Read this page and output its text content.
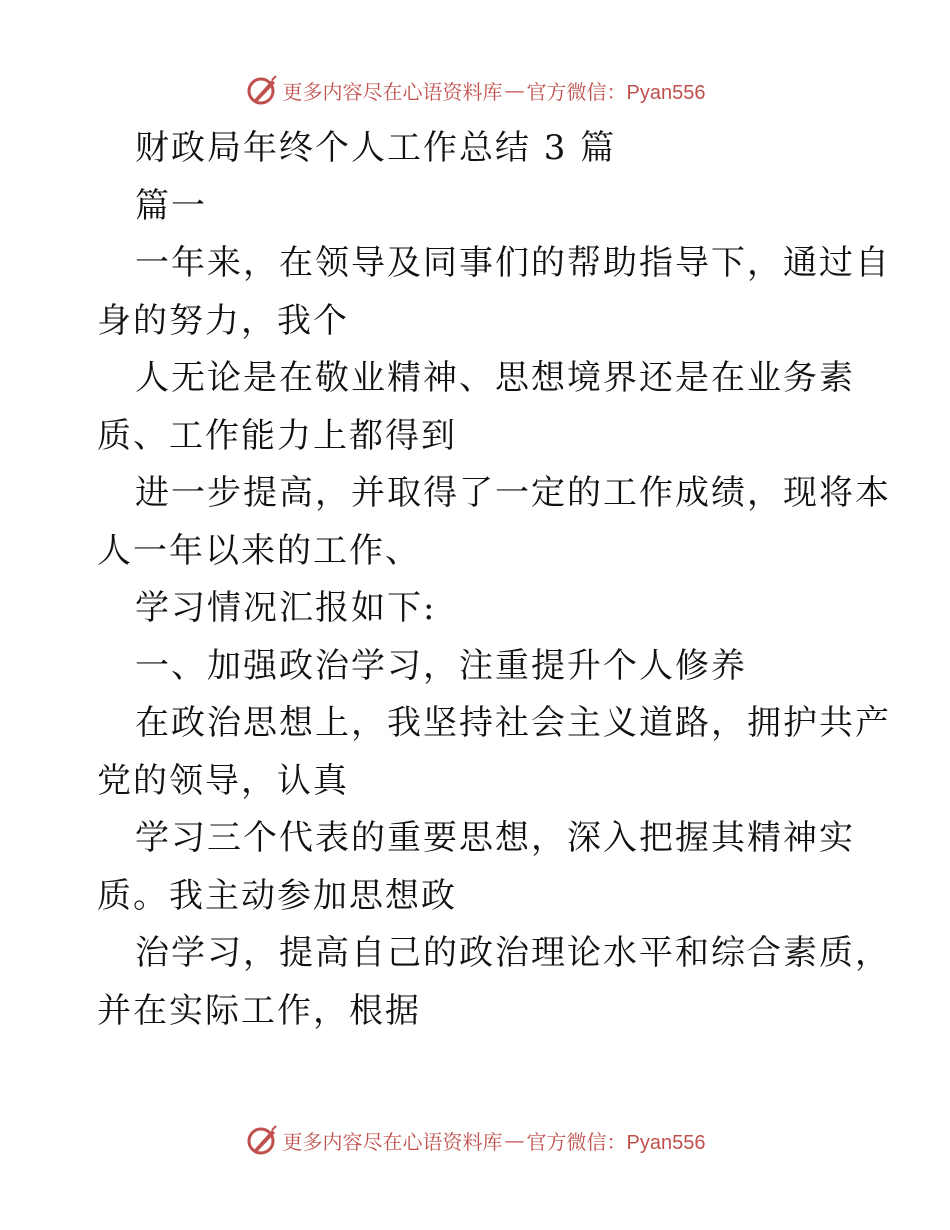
更多内容尽在心语资料库 — 官方微信：Pyan556
财政局年终个人工作总结 3 篇
篇一
一年来，在领导及同事们的帮助指导下，通过自
身的努力，我个
人无论是在敬业精神、思想境界还是在业务素
质、工作能力上都得到
进一步提高，并取得了一定的工作成绩，现将本
人一年以来的工作、
学习情况汇报如下:
一、加强政治学习，注重提升个人修养
在政治思想上，我坚持社会主义道路，拥护共产
党的领导，认真
学习三个代表的重要思想，深入把握其精神实
质。我主动参加思想政
治学习，提高自己的政治理论水平和综合素质，
并在实际工作，根据
更多内容尽在心语资料库 — 官方微信：Pyan556
